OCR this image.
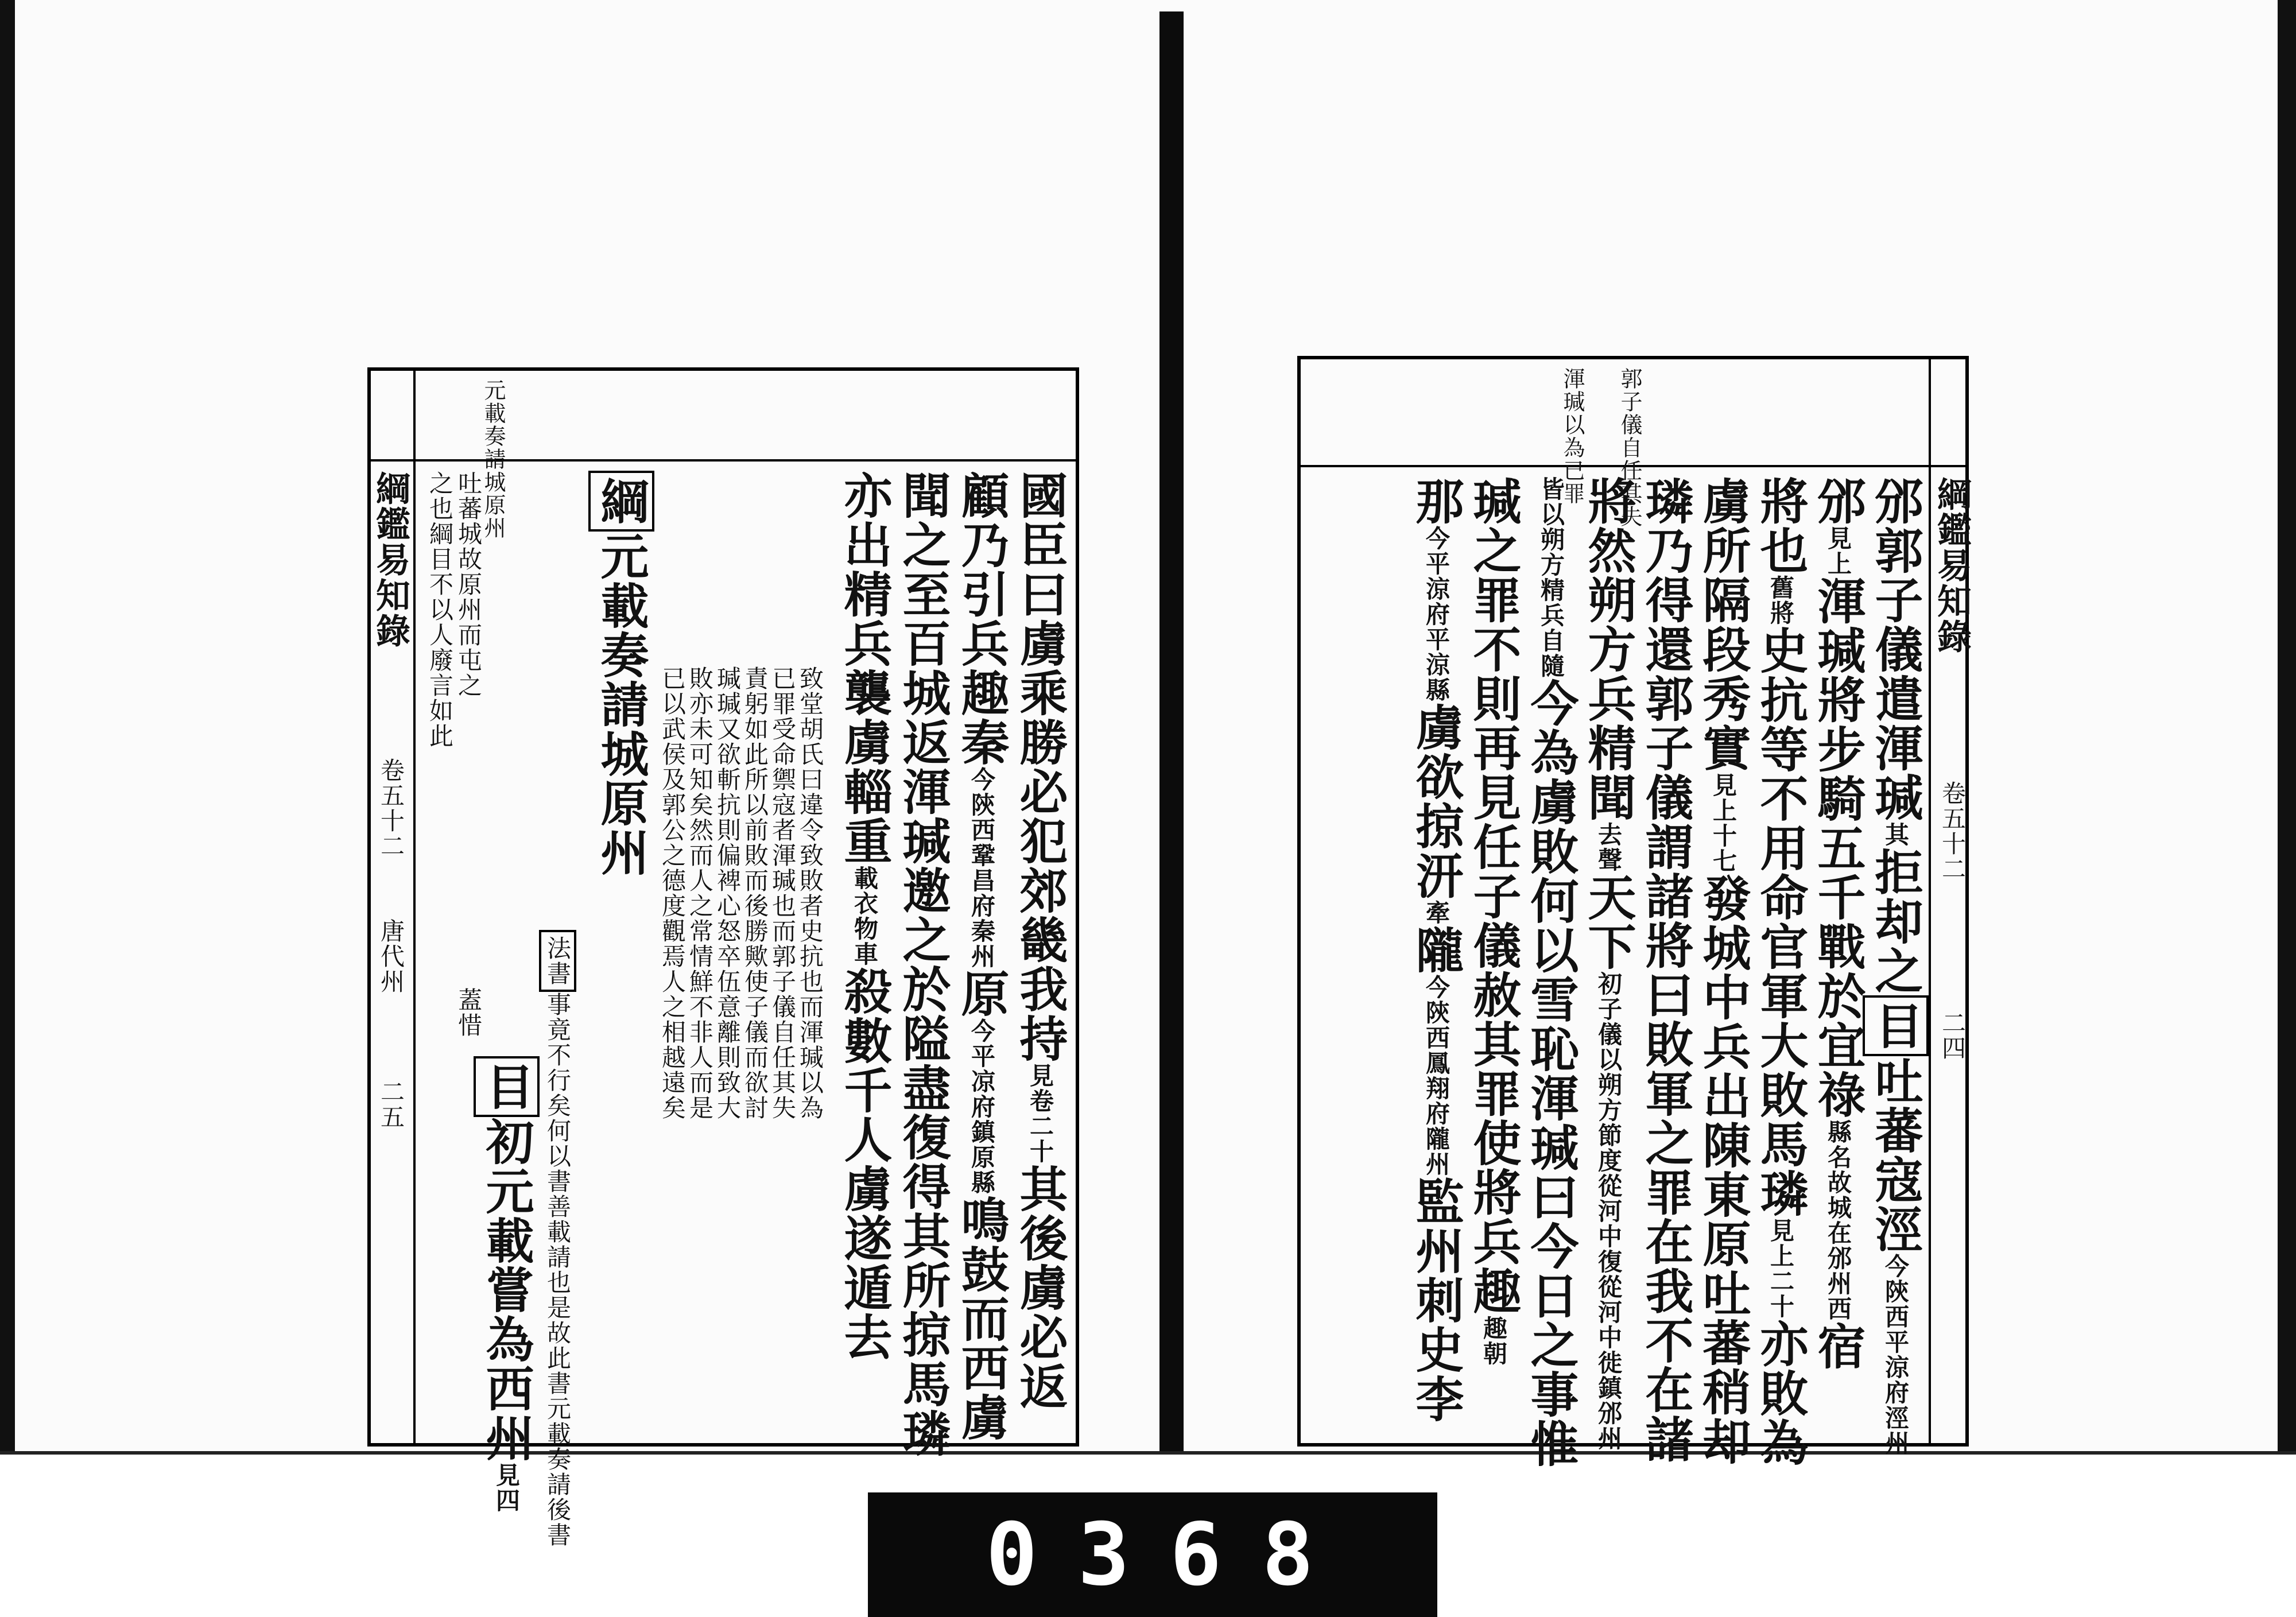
元載奏請城原州
國臣曰虜乘勝必犯郊畿我持見卷二十其後虜必返
顧乃引兵趣秦今陝西鞏昌府秦州原今平凉府鎮原縣鳴鼓而西虜
聞之至百城返渾瑊邀之於隘盡復得其所掠馬璘
亦出精兵襲虜輜重載衣物車殺數千人虜遂遁去
致堂胡氏曰違令致敗者史抗也而渾瑊以為
已罪受命禦寇者渾瑊也而郭子儀自任其失
責躬如此所以前敗而後勝歟使子儀而欲討
瑊瑊又欲斬抗則偏裨心怒卒伍意離則致大
敗亦未可知矣然而人之常情鮮不非人而是
已以武侯及郭公之德度觀焉人之相越遠矣
綱元載奏請城原州
法書事竟不行矣何以書善載請也是故此書元載奏請後書
目初元載嘗為西州見四
吐蕃城故原州而屯之
之也綱目不以人廢言如此
蓋惜
綱鑑易知錄
卷五十二
唐代州
二五
郭子儀自任其失
渾瑊以為已罪
邠郭子儀遣渾瑊其拒却之目吐蕃寇涇今陝西平涼府涇州
邠見上渾瑊將步騎五千戰於宜祿縣名故城在邠州西宿
將也舊將史抗等不用命官軍大敗馬璘見上二十亦敗為
虜所隔段秀實見上十七發城中兵出陳東原吐蕃稍却
璘乃得還郭子儀謂諸將曰敗軍之罪在我不在諸
將然朔方兵精聞去聲天下初子儀以朔方節度從河中復從河中徙鎮邠州
皆以朔方精兵自隨今為虜敗何以雪恥渾瑊曰今日之事惟
瑊之罪不則再見任子儀赦其罪使將兵趣趣朝
那今平涼府平涼縣虜欲掠汧牽隴今陝西鳳翔府隴州監州刺史李
綱鑑易知錄
卷五十二
二四
0368
